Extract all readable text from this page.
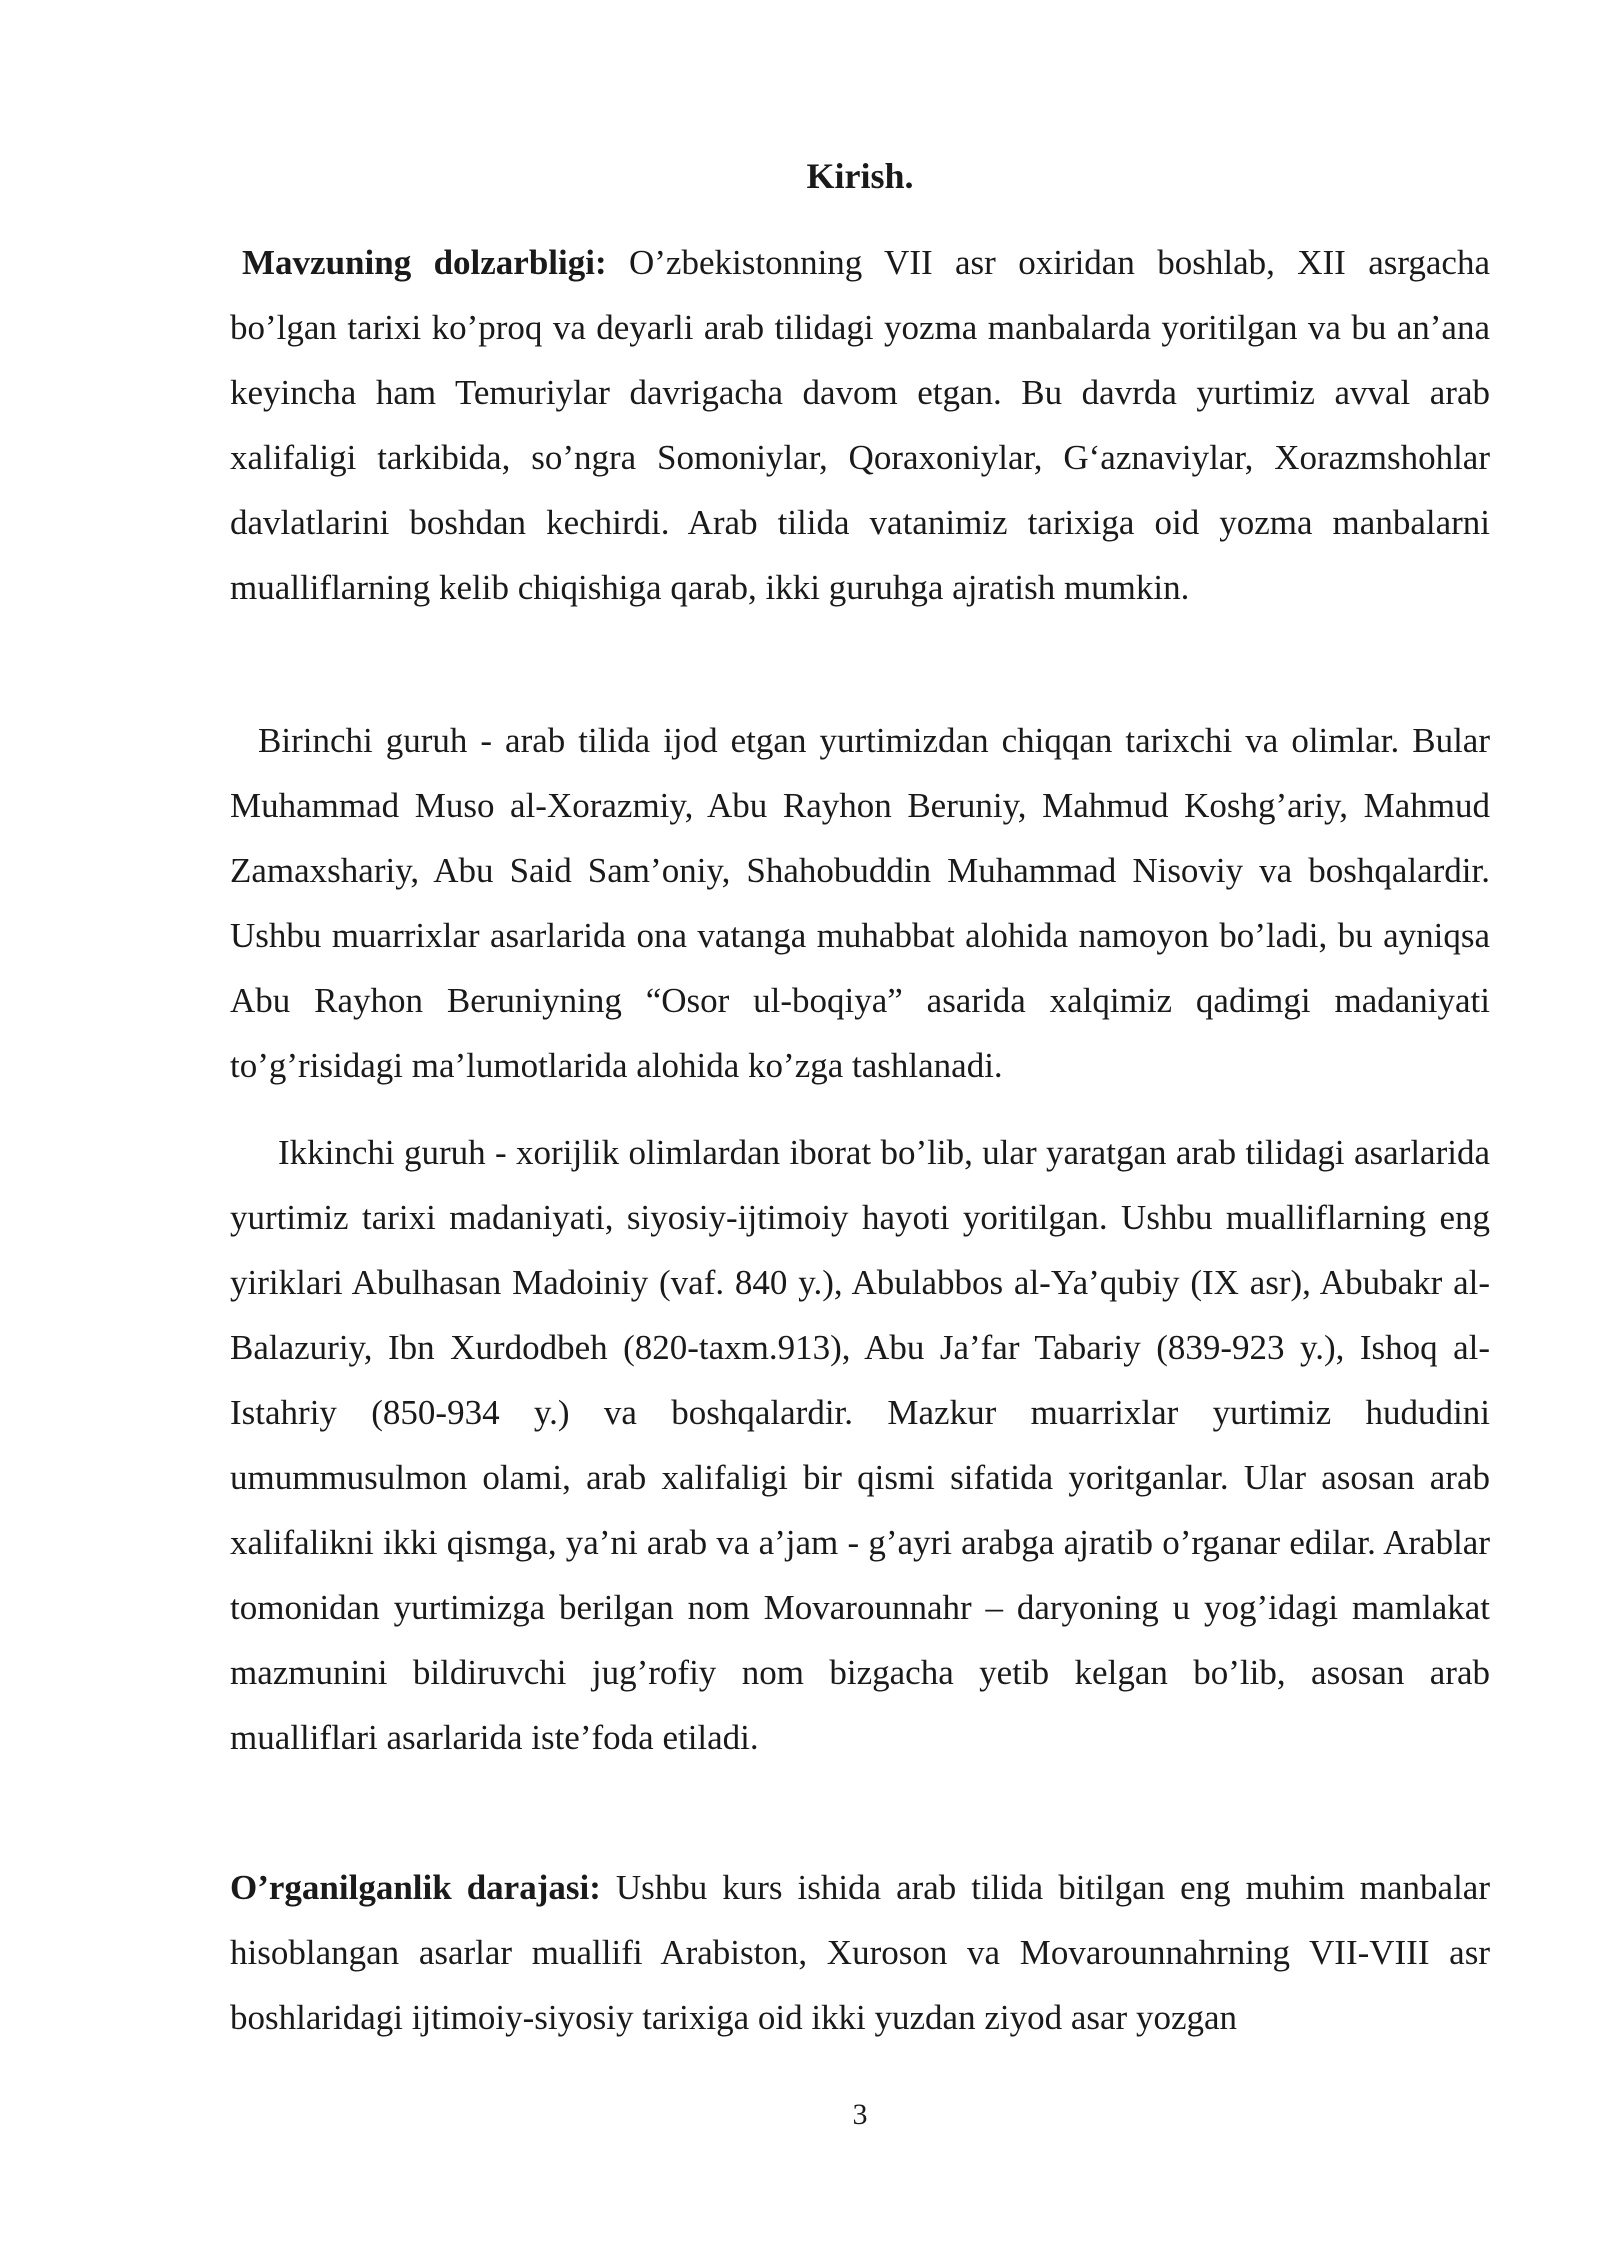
Kirish.

Mavzuning dolzarbligi: O’zbekistonning VII asr oxiridan boshlab, XII asrgacha bo’lgan tarixi ko’proq va deyarli arab tilidagi yozma manbalarda yoritilgan va bu an’ana keyincha ham Temuriylar davrigacha davom etgan. Bu davrda yurtimiz avval arab xalifaligi tarkibida, so’ngra Somoniylar, Qoraxoniylar, G‘aznaviylar, Xorazmshohlar davlatlarini boshdan kechirdi. Arab tilida vatanimiz tarixiga oid yozma manbalarni mualliflarning kelib chiqishiga qarab, ikki guruhga ajratish mumkin.

Birinchi guruh - arab tilida ijod etgan yurtimizdan chiqqan tarixchi va olimlar. Bular Muhammad Muso al-Xorazmiy, Abu Rayhon Beruniy, Mahmud Koshg’ariy, Mahmud Zamaxshariy, Abu Said Sam’oniy, Shahobuddin Muhammad Nisoviy va boshqalardir. Ushbu muarrixlar asarlarida ona vatanga muhabbat alohida namoyon bo’ladi, bu ayniqsa Abu Rayhon Beruniyning “Osor ul-boqiya” asarida xalqimiz qadimgi madaniyati to’g’risidagi ma’lumotlarida alohida ko’zga tashlanadi.

Ikkinchi guruh - xorijlik olimlardan iborat bo’lib, ular yaratgan arab tilidagi asarlarida yurtimiz tarixi madaniyati, siyosiy-ijtimoiy hayoti yoritilgan. Ushbu mualliflarning eng yiriklari Abulhasan Madoiniy (vaf. 840 y.), Abulabbos al-Ya’qubiy (IX asr), Abubakr al-Balazuriy, Ibn Xurdodbeh (820-taxm.913), Abu Ja’far Tabariy (839-923 y.), Ishoq al-Istahriy (850-934 y.) va boshqalardir. Mazkur muarrixlar yurtimiz hududini umummusulmon olami, arab xalifaligi bir qismi sifatida yoritganlar. Ular asosan arab xalifalikni ikki qismga, ya’ni arab va a’jam - g’ayri arabga ajratib o’rganar edilar. Arablar tomonidan yurtimizga berilgan nom Movarounnahr – daryoning u yog’idagi mamlakat mazmunini bildiruvchi jug’rofiy nom bizgacha yetib kelgan bo’lib, asosan arab mualliflari asarlarida iste’foda etiladi.

O’rganilganlik darajasi: Ushbu kurs ishida arab tilida bitilgan eng muhim manbalar hisoblangan asarlar muallifi Arabiston, Xuroson va Movarounnahrning VII-VIII asr boshlaridagi ijtimoiy-siyosiy tarixiga oid ikki yuzdan ziyod asar yozgan

3
